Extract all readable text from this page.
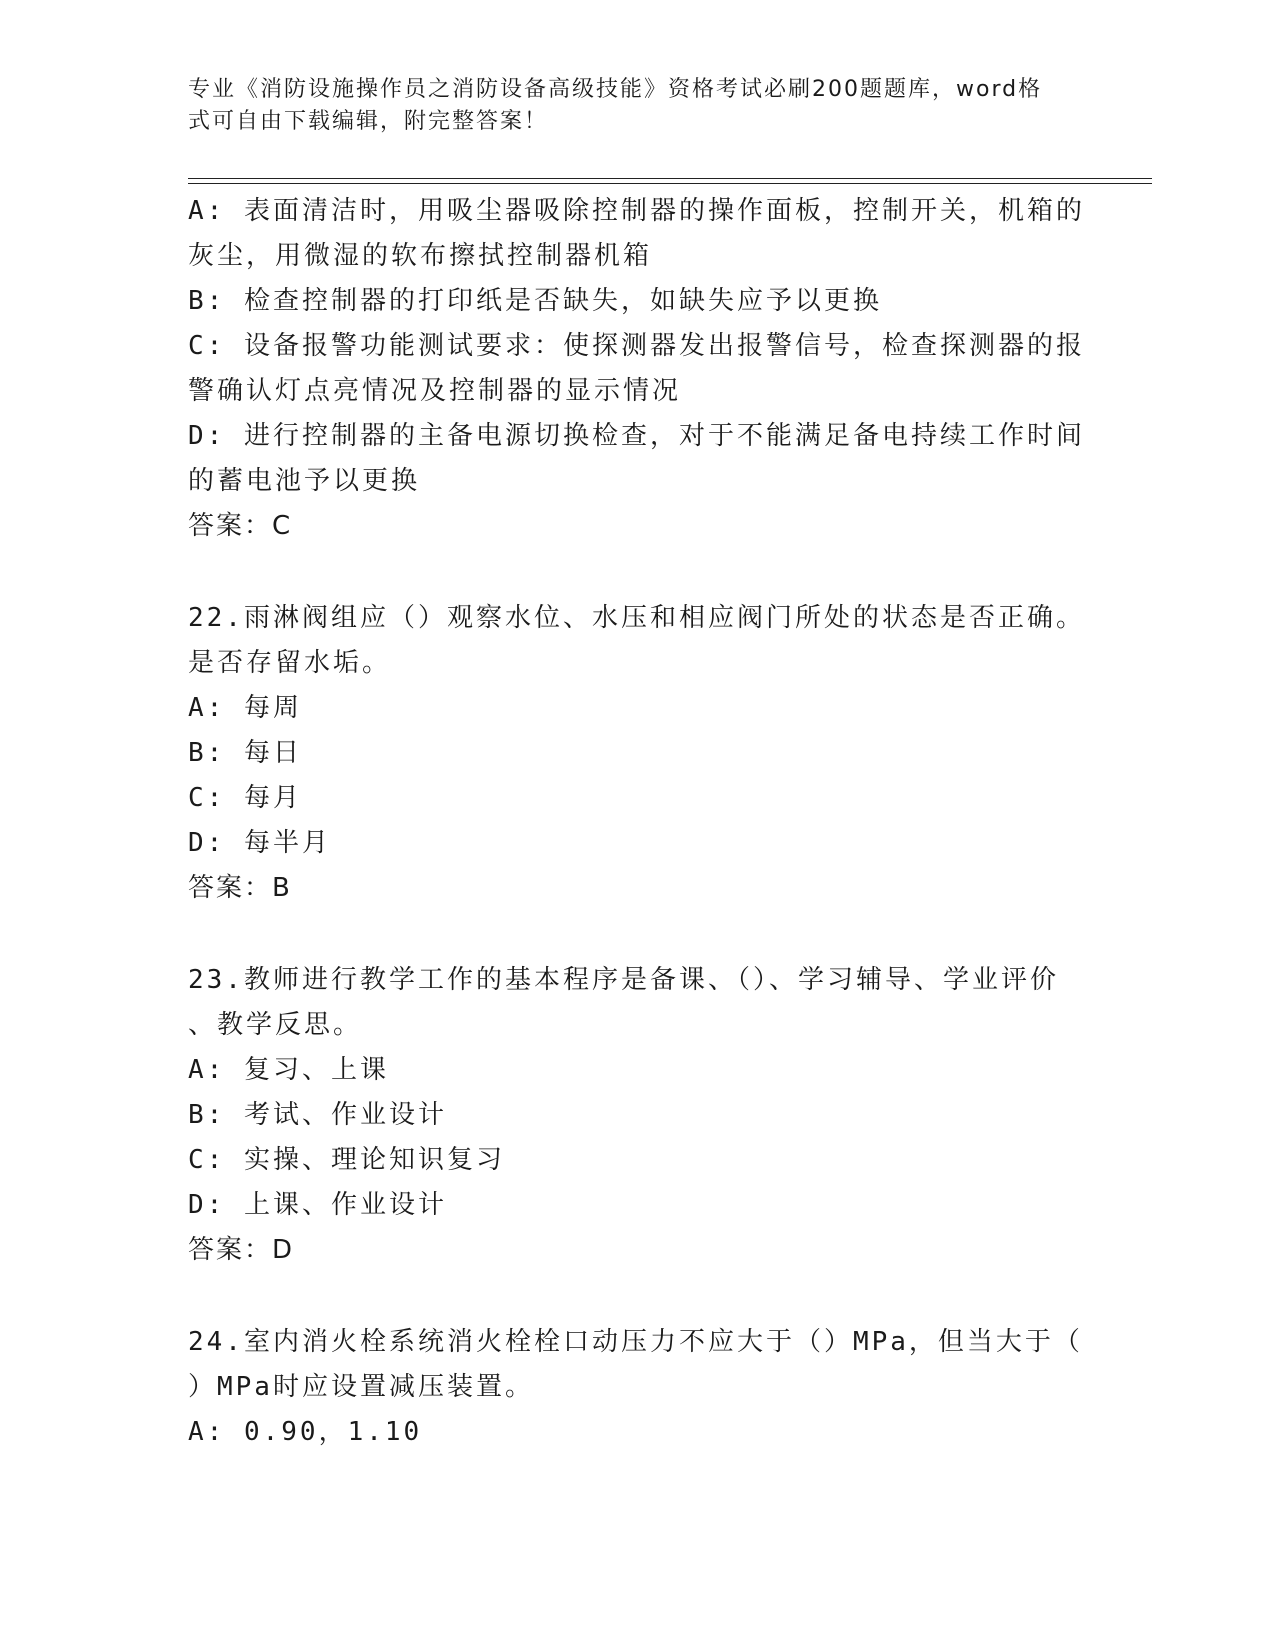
专业《消防设施操作员之消防设备高级技能》资格考试必刷200题题库，word格
式可自由下载编辑，附完整答案！

A: 表面清洁时，用吸尘器吸除控制器的操作面板，控制开关，机箱的

灰尘，用微湿的软布擦拭控制器机箱

B: 检查控制器的打印纸是否缺失，如缺失应予以更换

C: 设备报警功能测试要求：使探测器发出报警信号，检查探测器的报

警确认灯点亮情况及控制器的显示情况

D: 进行控制器的主备电源切换检查，对于不能满足备电持续工作时间

的蓄电池予以更换

答案：C

22.雨淋阀组应（）观察水位、水压和相应阀门所处的状态是否正确。

是否存留水垢。

A: 每周

B: 每日

C: 每月

D: 每半月

答案：B

23.教师进行教学工作的基本程序是备课、（）、学习辅导、学业评价

、教学反思。

A: 复习、上课

B: 考试、作业设计

C: 实操、理论知识复习

D: 上课、作业设计

答案：D

24.室内消火栓系统消火栓栓口动压力不应大于（）MPa，但当大于（

）MPa时应设置减压装置。

A: 0.90，1.10
